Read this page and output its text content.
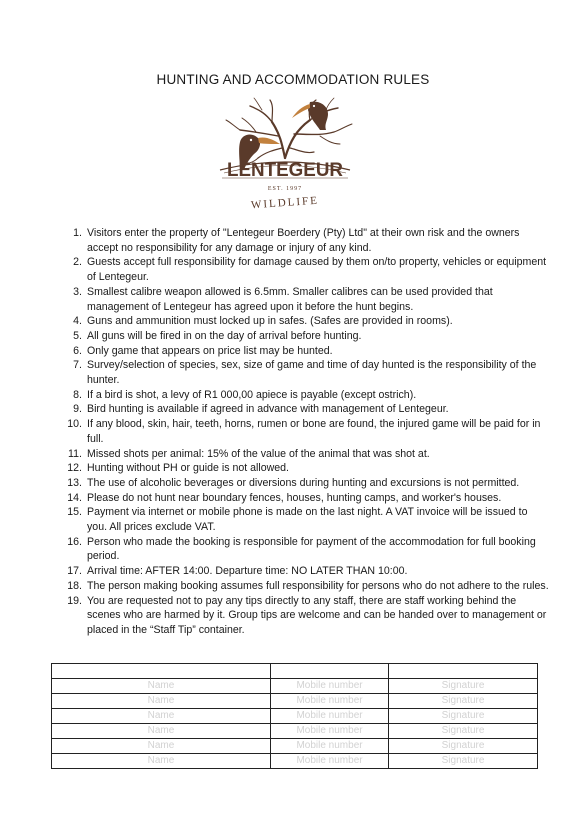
HUNTING AND ACCOMMODATION RULES
LENTEGEUR
EST. 1997
WILDLIFE
1. Visitors enter the property of "Lentegeur Boerdery (Pty) Ltd" at their own risk and the owners accept no responsibility for any damage or injury of any kind.
2. Guests accept full responsibility for damage caused by them on/to property, vehicles or equipment of Lentegeur.
3. Smallest calibre weapon allowed is 6.5mm. Smaller calibres can be used provided that management of Lentegeur has agreed upon it before the hunt begins.
4. Guns and ammunition must locked up in safes. (Safes are provided in rooms).
5. All guns will be fired in on the day of arrival before hunting.
6. Only game that appears on price list may be hunted.
7. Survey/selection of species, sex, size of game and time of day hunted is the responsibility of the hunter.
8. If a bird is shot, a levy of R1 000,00 apiece is payable (except ostrich).
9. Bird hunting is available if agreed in advance with management of Lentegeur.
10. If any blood, skin, hair, teeth, horns, rumen or bone are found, the injured game will be paid for in full.
11. Missed shots per animal: 15% of the value of the animal that was shot at.
12. Hunting without PH or guide is not allowed.
13. The use of alcoholic beverages or diversions during hunting and excursions is not permitted.
14. Please do not hunt near boundary fences, houses, hunting camps, and worker's houses.
15. Payment via internet or mobile phone is made on the last night. A VAT invoice will be issued to you. All prices exclude VAT.
16. Person who made the booking is responsible for payment of the accommodation for full booking period.
17. Arrival time: AFTER 14:00. Departure time: NO LATER THAN 10:00.
18. The person making booking assumes full responsibility for persons who do not adhere to the rules.
19. You are requested not to pay any tips directly to any staff, there are staff working behind the scenes who are harmed by it. Group tips are welcome and can be handed over to management or placed in the “Staff Tip” container.

Name	Mobile number	Signature
Name	Mobile number	Signature
Name	Mobile number	Signature
Name	Mobile number	Signature
Name	Mobile number	Signature
Name	Mobile number	Signature
